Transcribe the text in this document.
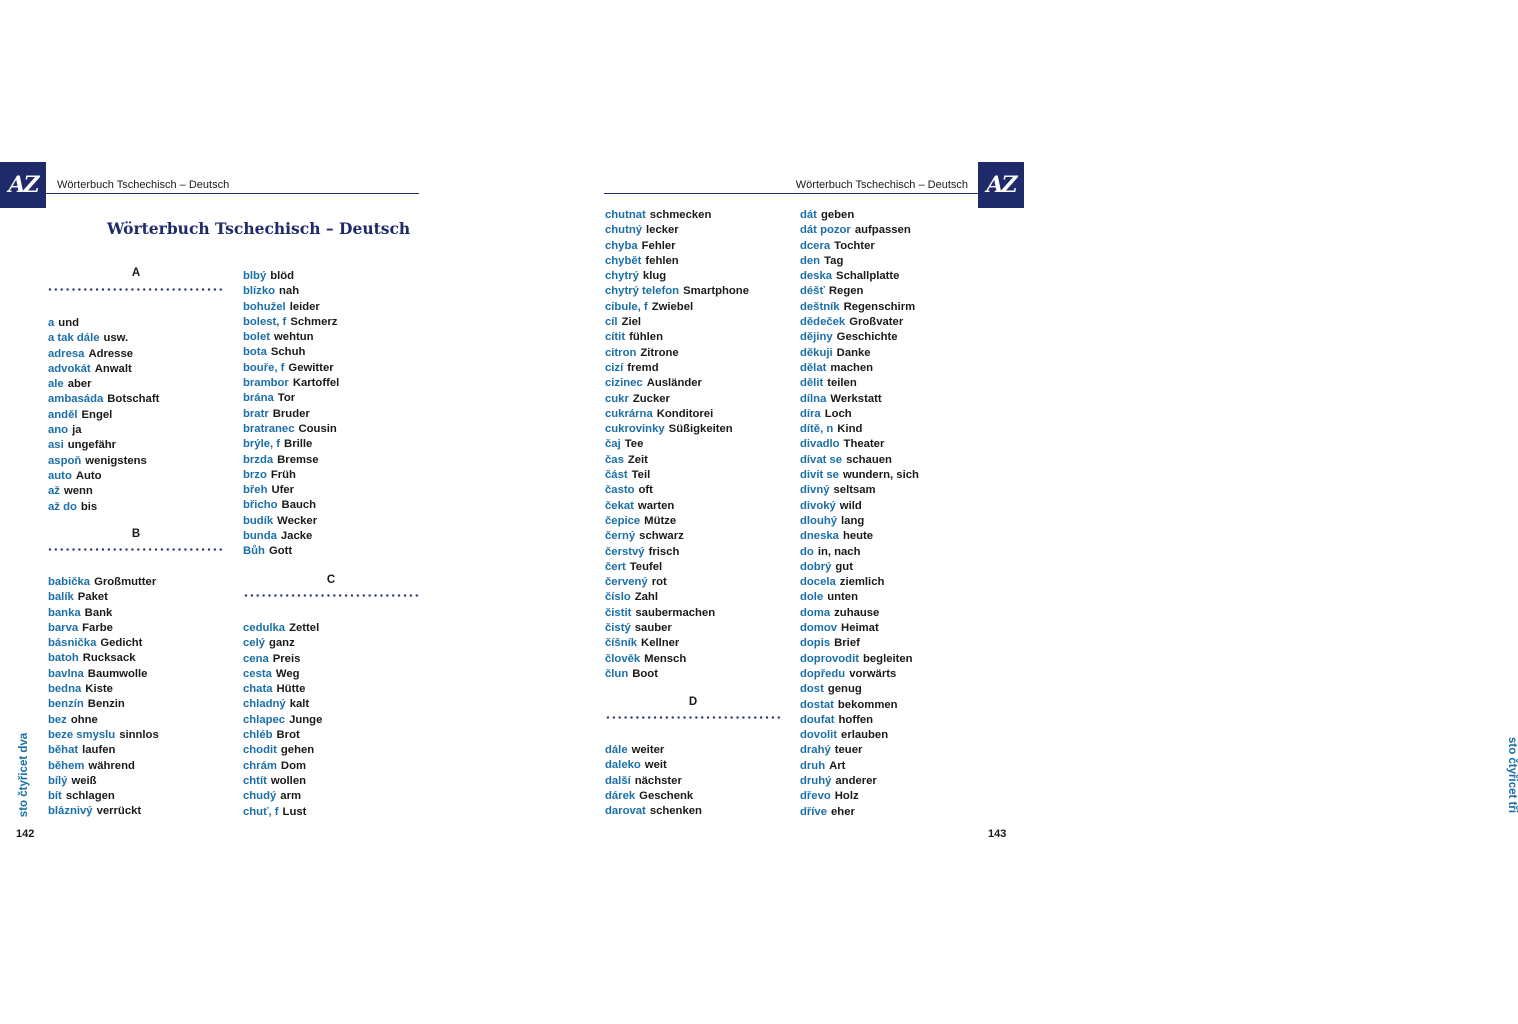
AZ	Wörterbuch Tschechisch – Deutsch
Wörterbuch Tschechisch – Deutsch
A
a und
a tak dále usw.
adresa Adresse
advokát Anwalt
ale aber
ambasáda Botschaft
anděl Engel
ano ja
asi ungefähr
aspoň wenigstens
auto Auto
až wenn
až do bis
B
babička Großmutter
balík Paket
banka Bank
barva Farbe
básnička Gedicht
batoh Rucksack
bavlna Baumwolle
bedna Kiste
benzín Benzin
bez ohne
beze smyslu sinnlos
běhat laufen
během während
bílý weiß
bít schlagen
bláznivý verrückt
blbý blöd
blízko nah
bohužel leider
bolest, f Schmerz
bolet wehtun
bota Schuh
bouře, f Gewitter
brambor Kartoffel
brána Tor
bratr Bruder
bratranec Cousin
brýle, f Brille
brzda Bremse
brzo Früh
břeh Ufer
břicho Bauch
budík Wecker
bunda Jacke
Bůh Gott
C
cedulka Zettel
celý ganz
cena Preis
cesta Weg
chata Hütte
chladný kalt
chlapec Junge
chléb Brot
chodit gehen
chrám Dom
chtít wollen
chudý arm
chuť, f Lust
sto čtyřicet dva
142
AZ
Wörterbuch Tschechisch – Deutsch
chutnat schmecken
chutný lecker
chyba Fehler
chybět fehlen
chytrý klug
chytrý telefon Smartphone
cibule, f Zwiebel
cíl Ziel
cítit fühlen
citron Zitrone
cizí fremd
cizinec Ausländer
cukr Zucker
cukrárna Konditorei
cukrovinky Süßigkeiten
čaj Tee
čas Zeit
část Teil
často oft
čekat warten
čepice Mütze
černý schwarz
čerstvý frisch
čert Teufel
červený rot
číslo Zahl
čistit saubermachen
čistý sauber
číšník Kellner
člověk Mensch
člun Boot
D
dále weiter
daleko weit
další nächster
dárek Geschenk
darovat schenken
dát geben
dát pozor aufpassen
dcera Tochter
den Tag
deska Schallplatte
déšť Regen
deštník Regenschirm
dědeček Großvater
dějiny Geschichte
děkuji Danke
dělat machen
dělit teilen
dílna Werkstatt
díra Loch
dítě, n Kind
divadlo Theater
dívat se schauen
divit se wundern, sich
divný seltsam
divoký wild
dlouhý lang
dneska heute
do in, nach
dobrý gut
docela ziemlich
dole unten
doma zuhause
domov Heimat
dopis Brief
doprovodit begleiten
dopředu vorwärts
dost genug
dostat bekommen
doufat hoffen
dovolit erlauben
drahý teuer
druh Art
druhý anderer
dřevo Holz
dříve eher	sto čtyřicet tři
143
